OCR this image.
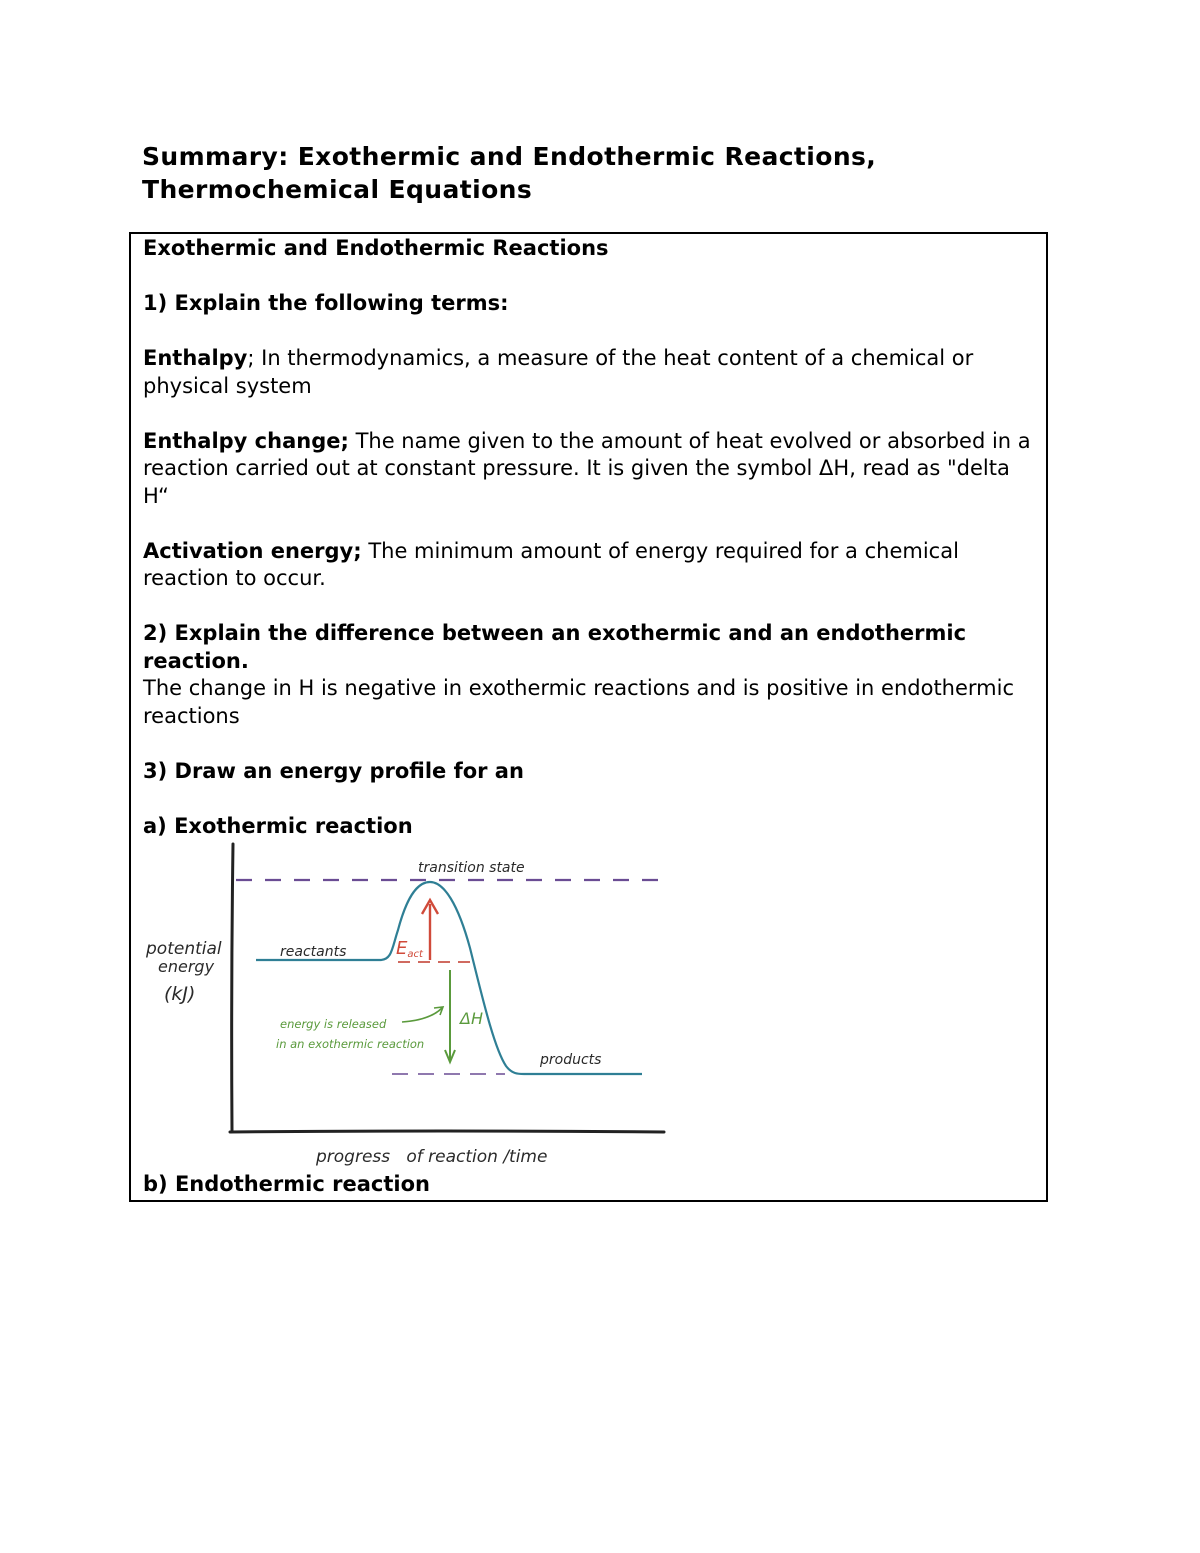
Summary: Exothermic and Endothermic Reactions,
Thermochemical Equations

Exothermic and Endothermic Reactions

1) Explain the following terms:

Enthalpy; In thermodynamics, a measure of the heat content of a chemical or physical system

Enthalpy change; The name given to the amount of heat evolved or absorbed in a reaction carried out at constant pressure. It is given the symbol ΔH, read as "delta H“

Activation energy; The minimum amount of energy required for a chemical reaction to occur.

2) Explain the difference between an exothermic and an endothermic reaction.

The change in H is negative in exothermic reactions and is positive in endothermic reactions

3) Draw an energy profile for an

a) Exothermic reaction

b) Endothermic reaction

transition state
reactants
products
Eact
ΔH
energy is released
in an exothermic reaction
potential
energy
(kJ)
progress   of reaction /time
